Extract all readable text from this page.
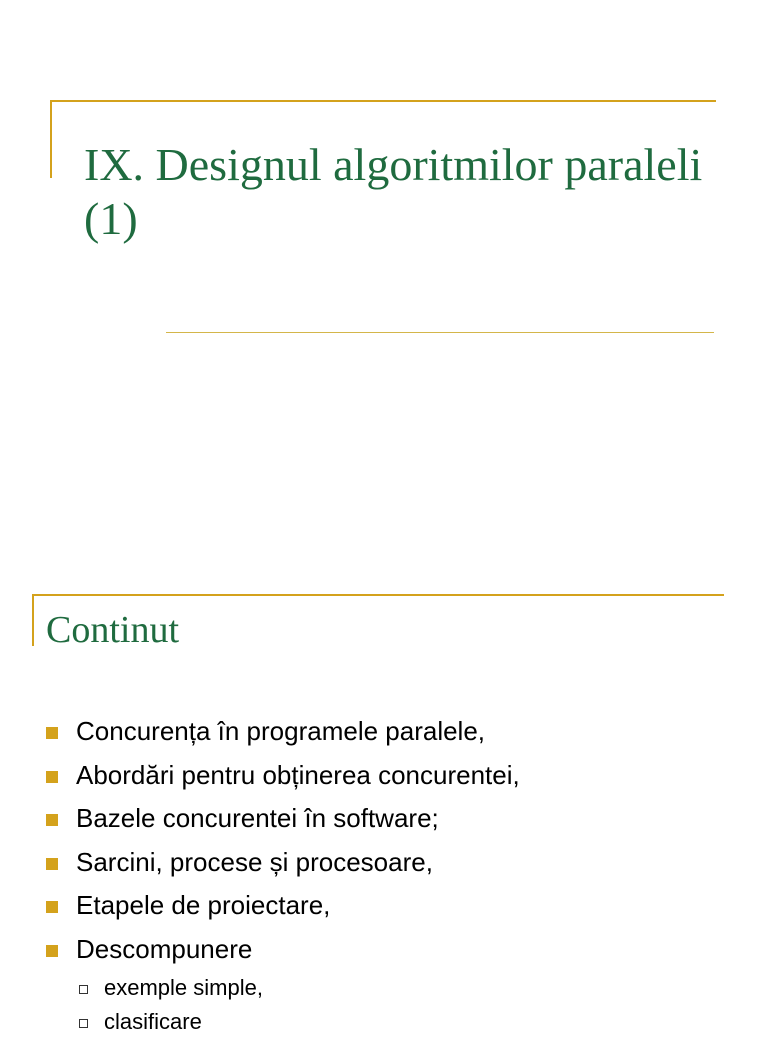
IX. Designul algoritmilor paraleli (1)
Continut
Concurența în programele paralele,
Abordări pentru obținerea concurentei,
Bazele concurentei în software;
Sarcini, procese și procesoare,
Etapele de proiectare,
Descompunere
exemple simple,
clasificare
